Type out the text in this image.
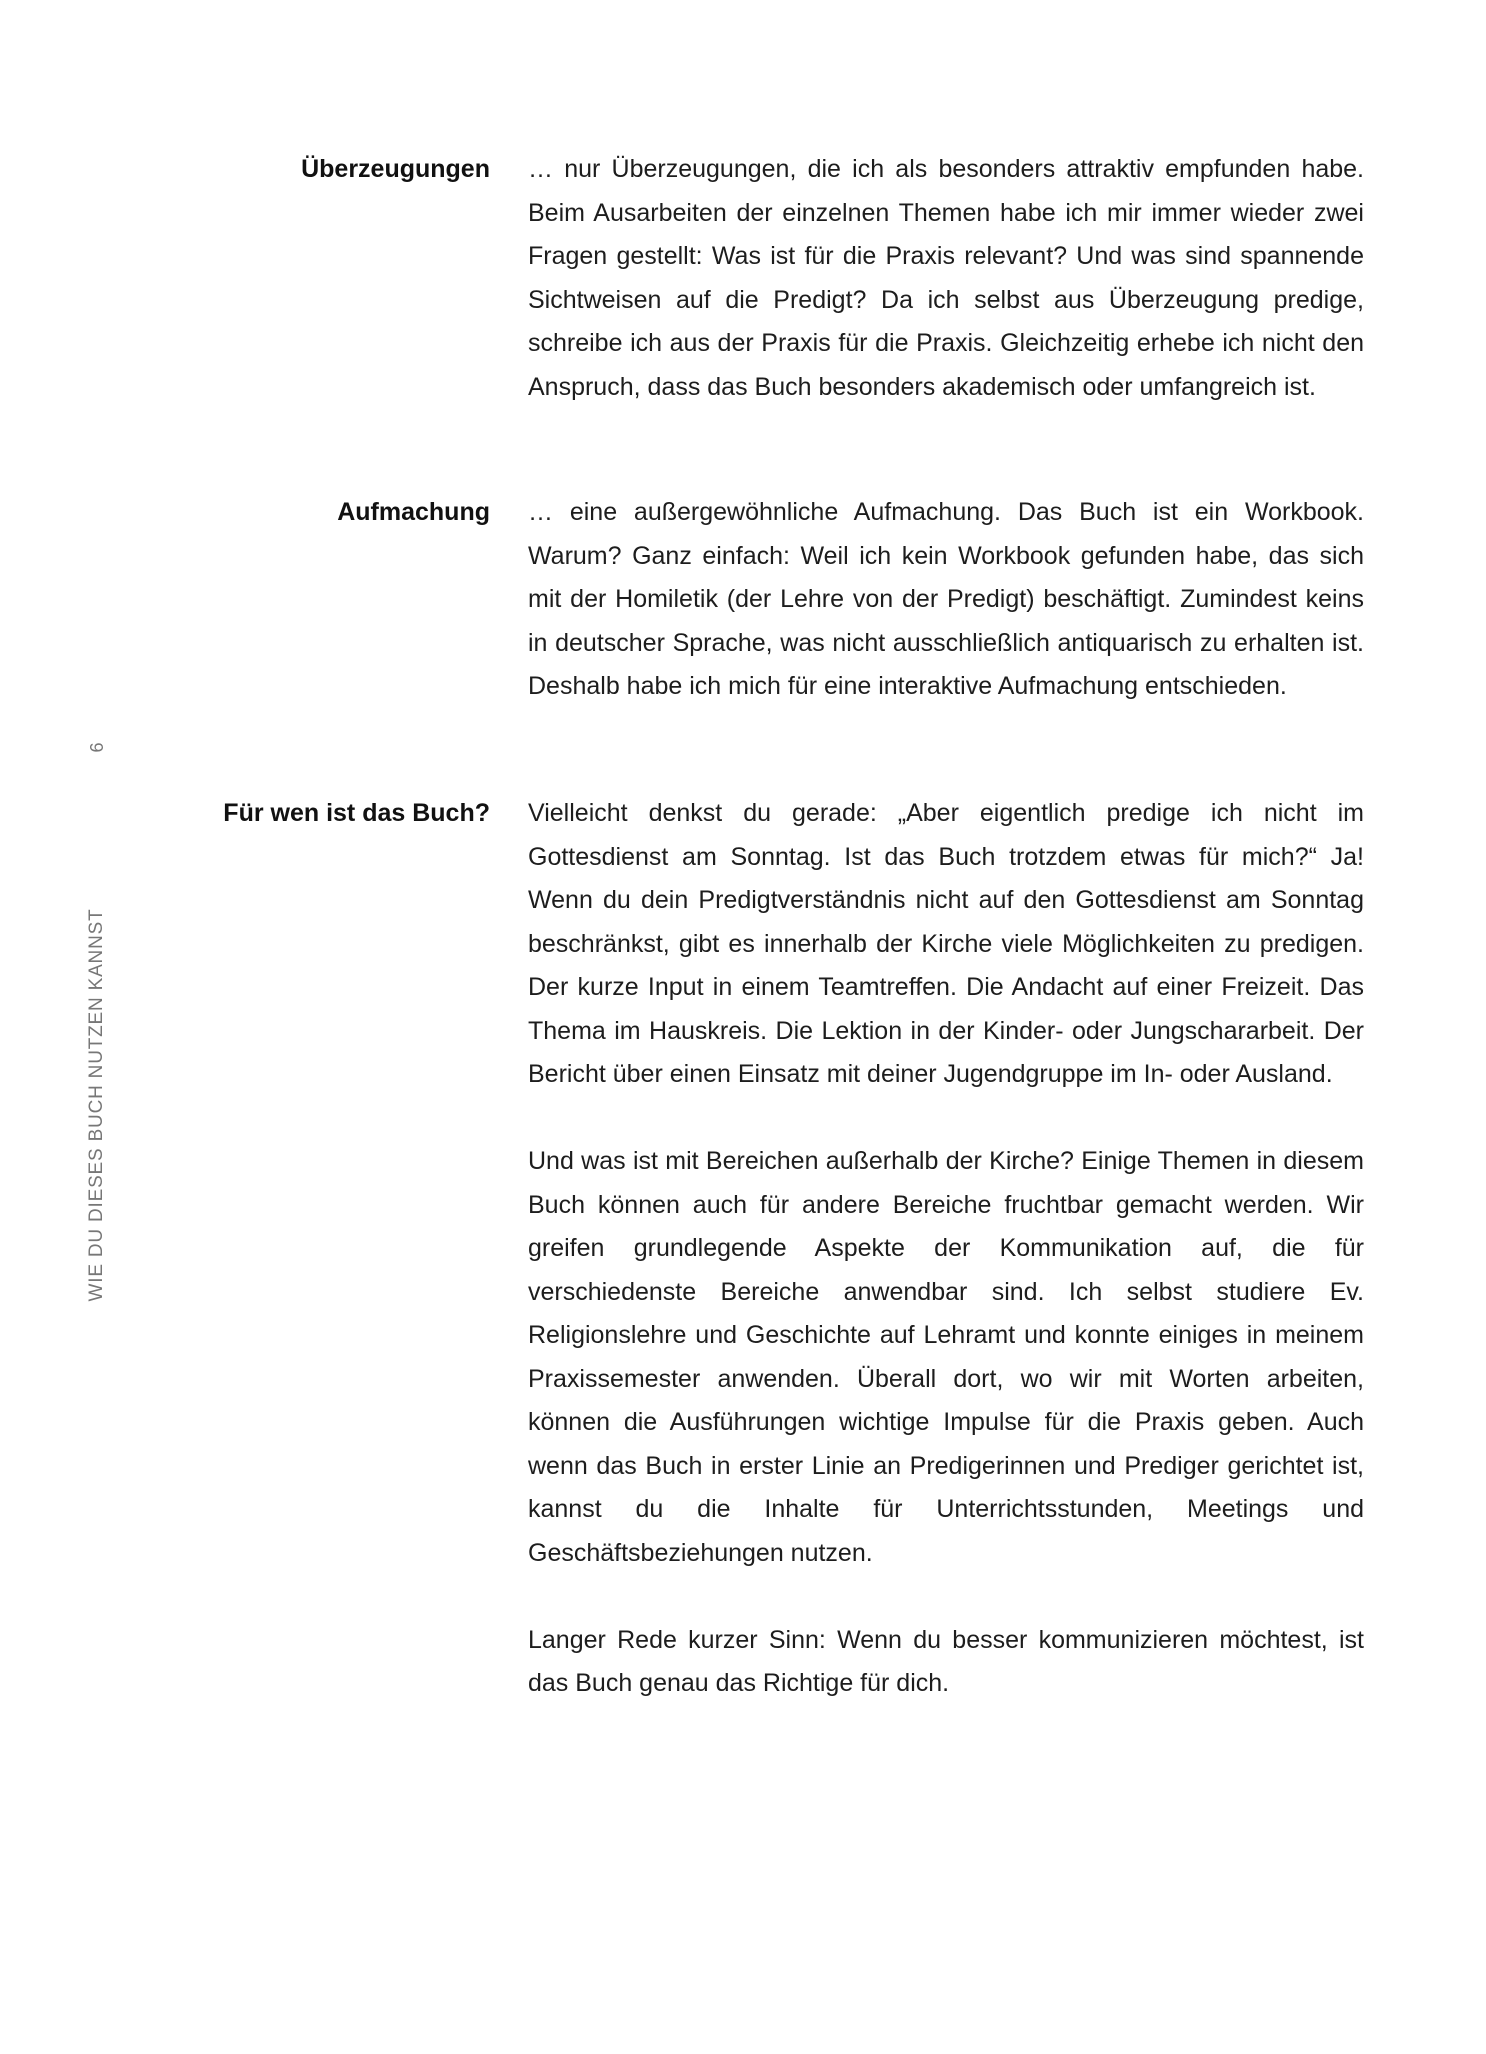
6
WIE DU DIESES BUCH NUTZEN KANNST
Überzeugungen … nur Überzeugungen, die ich als besonders attraktiv empfunden habe. Beim Ausarbeiten der einzelnen Themen habe ich mir immer wieder zwei Fragen gestellt: Was ist für die Praxis relevant? Und was sind spannende Sichtweisen auf die Predigt? Da ich selbst aus Überzeugung predige, schreibe ich aus der Praxis für die Praxis. Gleichzeitig erhebe ich nicht den Anspruch, dass das Buch besonders akademisch oder umfangreich ist.

Aufmachung … eine außergewöhnliche Aufmachung. Das Buch ist ein Workbook. Warum? Ganz einfach: Weil ich kein Workbook gefunden habe, das sich mit der Homiletik (der Lehre von der Predigt) beschäftigt. Zumindest keins in deutscher Sprache, was nicht ausschließlich antiquarisch zu erhalten ist. Deshalb habe ich mich für eine interaktive Aufmachung entschieden.

Für wen ist das Buch? Vielleicht denkst du gerade: „Aber eigentlich predige ich nicht im Gottesdienst am Sonntag. Ist das Buch trotzdem etwas für mich?“ Ja! Wenn du dein Predigtverständnis nicht auf den Gottesdienst am Sonntag beschränkst, gibt es innerhalb der Kirche viele Möglichkeiten zu predigen. Der kurze Input in einem Teamtreffen. Die Andacht auf einer Freizeit. Das Thema im Hauskreis. Die Lektion in der Kinder- oder Jungschararbeit. Der Bericht über einen Einsatz mit deiner Jugendgruppe im In- oder Ausland.

Und was ist mit Bereichen außerhalb der Kirche? Einige Themen in diesem Buch können auch für andere Bereiche fruchtbar gemacht werden. Wir greifen grundlegende Aspekte der Kommunikation auf, die für verschiedenste Bereiche anwendbar sind. Ich selbst studiere Ev. Religionslehre und Geschichte auf Lehramt und konnte einiges in meinem Praxissemester anwenden. Überall dort, wo wir mit Worten arbeiten, können die Ausführungen wichtige Impulse für die Praxis geben. Auch wenn das Buch in erster Linie an Predigerinnen und Prediger gerichtet ist, kannst du die Inhalte für Unterrichtsstunden, Meetings und Geschäftsbeziehungen nutzen.

Langer Rede kurzer Sinn: Wenn du besser kommunizieren möchtest, ist das Buch genau das Richtige für dich.
